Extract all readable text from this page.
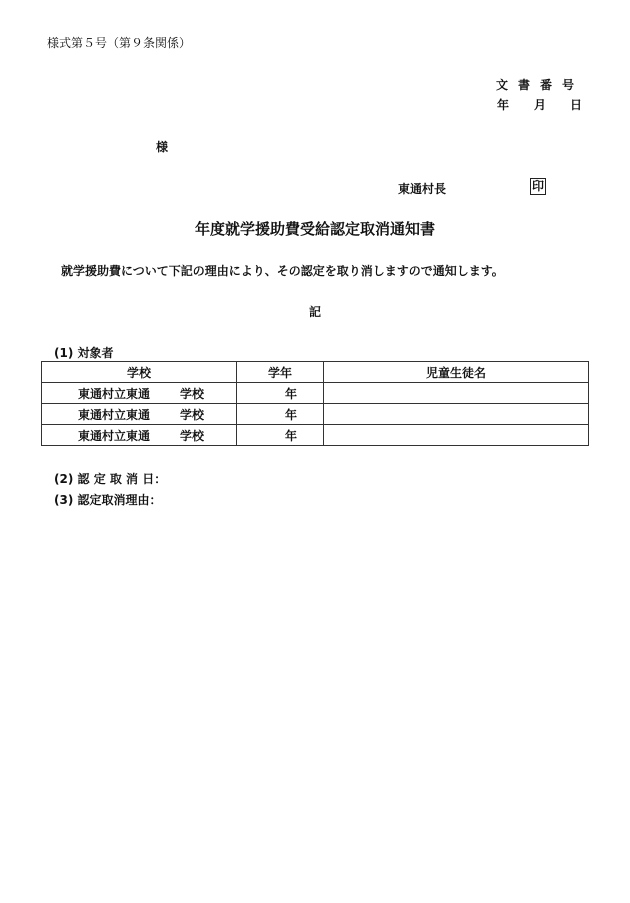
様式第５号（第９条関係）
文書番号
年 月 日
様
東通村長	印
年度就学援助費受給認定取消通知書
就学援助費について下記の理由により、その認定を取り消しますので通知します。
記
(1) 対象者
学校	学年	児童生徒名
東通村立東通 学校	年	
東通村立東通 学校	年	
東通村立東通 学校	年	
(2) 認 定 取 消 日：
(3) 認定取消理由：
